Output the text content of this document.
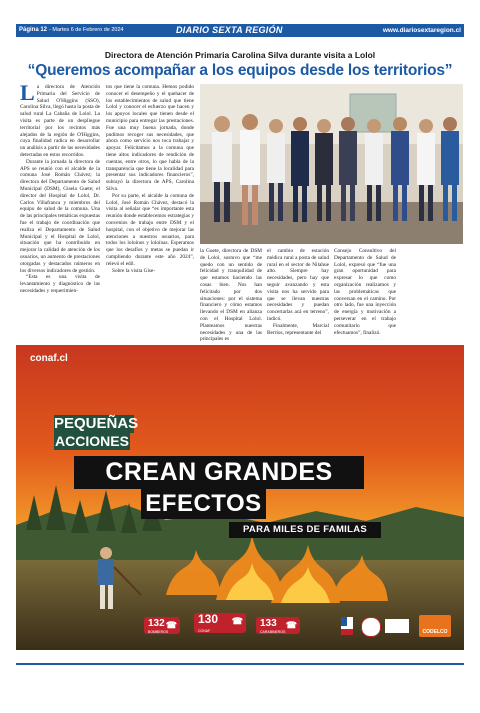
Página 12 - Martes 6 de Febrero de 2024	DIARIO SEXTA REGIÓN	www.diariosextaregion.cl
Directora de Atención Primaria Carolina Silva durante visita a Lolol
“Queremos acompañar a los equipos desde los territorios”

La directora de Atención Primaria del Servicio de Salud O'Higgins (SSO), Carolina Silva, llegó hasta la posta de salud rural La Cabaña de Lolol. La visita es parte de un despliegue territorial por los recintos más alejados de la región de O'Higgins, cuya finalidad radica en desarrollar un análisis a partir de las necesidades detectadas en estos recorridos.

Durante la jornada la directora de APS se reunió con el alcalde de la comuna José Román Chávez; la directora del Departamento de Salud Municipal (DSM), Gisela Guete; el director del Hospital de Lolol, Dr. Carlos Villafranca y miembros del equipo de salud de la comuna. Una de las principales temáticas expuestas fue el trabajo de coordinación que realiza el Departamento de Salud Municipal y el Hospital de Lolol, situación que ha contribuido en mejorar la calidad de atención de los usuarios, un aumento de prestaciones otorgadas y destacados números en los diversos indicadores de gestión.

“Esta es una visita de levantamiento y diagnóstico de las necesidades y requerimien-

tos que tiene la comuna. Hemos podido conocer el desempeño y el quehacer de los establecimientos de salud que tiene Lolol y conocer el esfuerzo que hacen y los apoyos locales que tienen desde el municipio para entregar las prestaciones. Fue una muy buena jornada, donde pudimos recoger sus necesidades, que ahora como servicio nos toca trabajar y apoyar. Felicitamos a la comuna que tiene altos indicadores de rendición de cuentas, entre otros, lo que habla de la transparencia que tiene la localidad para presentar sus indicadores financieros”, subrayó la directora de APS, Carolina Silva.

Por su parte, el alcalde la comuna de Lolol, José Román Chávez, destacó la visita al señalar que “es importante esta reunión donde establecemos estrategias y convenios de trabajo entre DSM y el hospital, con el objetivo de mejorar las atenciones a nuestros usuarios, para todos los loloínos y loloínas. Esperamos que los desafíos y metas se puedan ir cumpliendo durante este año 2024”, relevó el edil.

Sobre la visita Gise-

la Guete, directora de DSM de Lolol, sostuvo que “me quedo con un sentido de felicidad y tranquilidad de que estamos haciendo las cosas bien. Nos han felicitado por dos situaciones: por el sistema financiero y cómo estamos llevando el DSM en alianza con el Hospital Lolol. Planteamos nuestras necesidades y una de las principales es

el cambio de estación médica rural a posta de salud rural en el sector de Nilahue alto. Siempre hay necesidades, pero hay que seguir avanzando y esta visita nos ha servido para que se llevan nuestras necesidades y puedan concertarlas acá en terreno”, indicó.

Finalmente, Marcial Berríos, representante del

Consejo Consultivo del Departamento de Salud de Lolol, expresó que “fue una gran oportunidad para expresar lo que como organización realizamos y las problemáticas que conversan en el camino. Por otro lado, fue una inyección de energía y motivación a perseverar en el trabajo comunitario que efectuamos”, finalizó.

conaf.cl
PEQUEÑAS
ACCIONES
CREAN GRANDES
EFECTOS
PARA MILES DE FAMILAS
132
BOMBEROS
☎	130
CONAF
☎	133
CARABINEROS
☎
CODELCO
